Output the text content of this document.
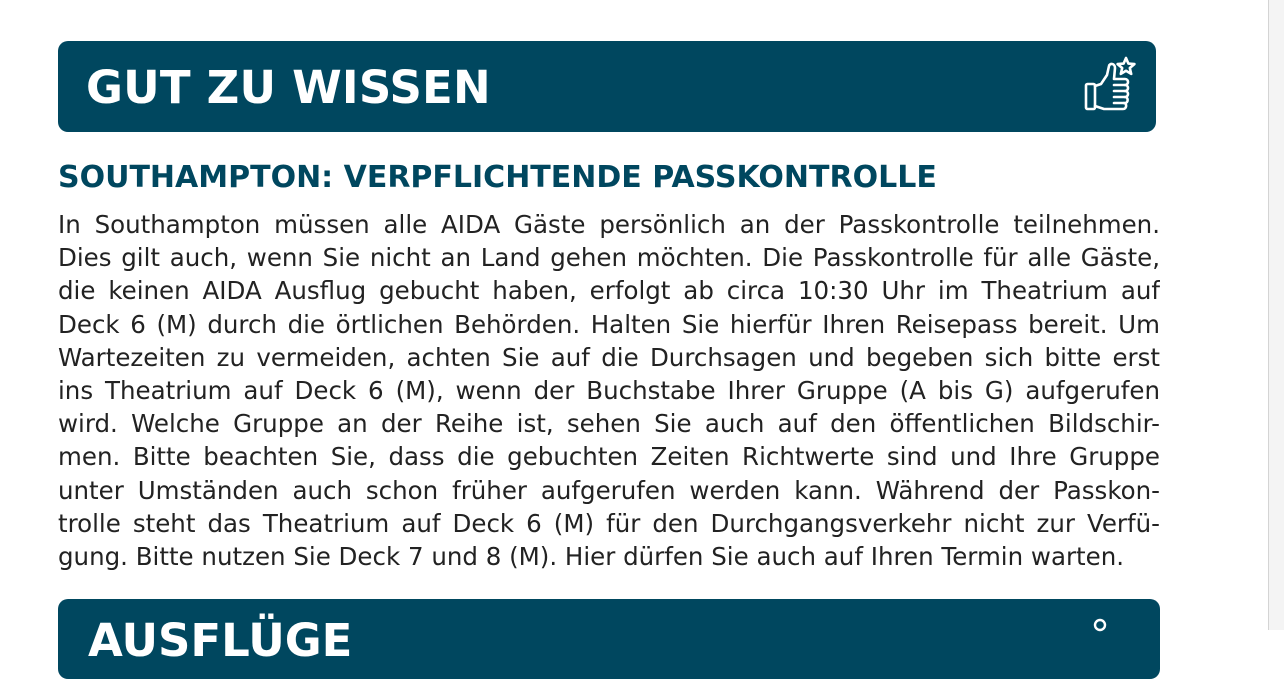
GUT ZU WISSEN
SOUTHAMPTON: VERPFLICHTENDE PASSKONTROLLE
In Southampton müssen alle AIDA Gäste persönlich an der Passkontrolle teilnehmen.
Dies gilt auch, wenn Sie nicht an Land gehen möchten. Die Passkontrolle für alle Gäste,
die keinen AIDA Ausflug gebucht haben, erfolgt ab circa 10:30 Uhr im Theatrium auf
Deck 6 (M) durch die örtlichen Behörden. Halten Sie hierfür Ihren Reisepass bereit. Um
Wartezeiten zu vermeiden, achten Sie auf die Durchsagen und begeben sich bitte erst
ins Theatrium auf Deck 6 (M), wenn der Buchstabe Ihrer Gruppe (A bis G) aufgerufen
wird. Welche Gruppe an der Reihe ist, sehen Sie auch auf den öffentlichen Bildschir-
men. Bitte beachten Sie, dass die gebuchten Zeiten Richtwerte sind und Ihre Gruppe
unter Umständen auch schon früher aufgerufen werden kann. Während der Passkon-
trolle steht das Theatrium auf Deck 6 (M) für den Durchgangsverkehr nicht zur Verfü-
gung. Bitte nutzen Sie Deck 7 und 8 (M). Hier dürfen Sie auch auf Ihren Termin warten.
AUSFLÜGE
